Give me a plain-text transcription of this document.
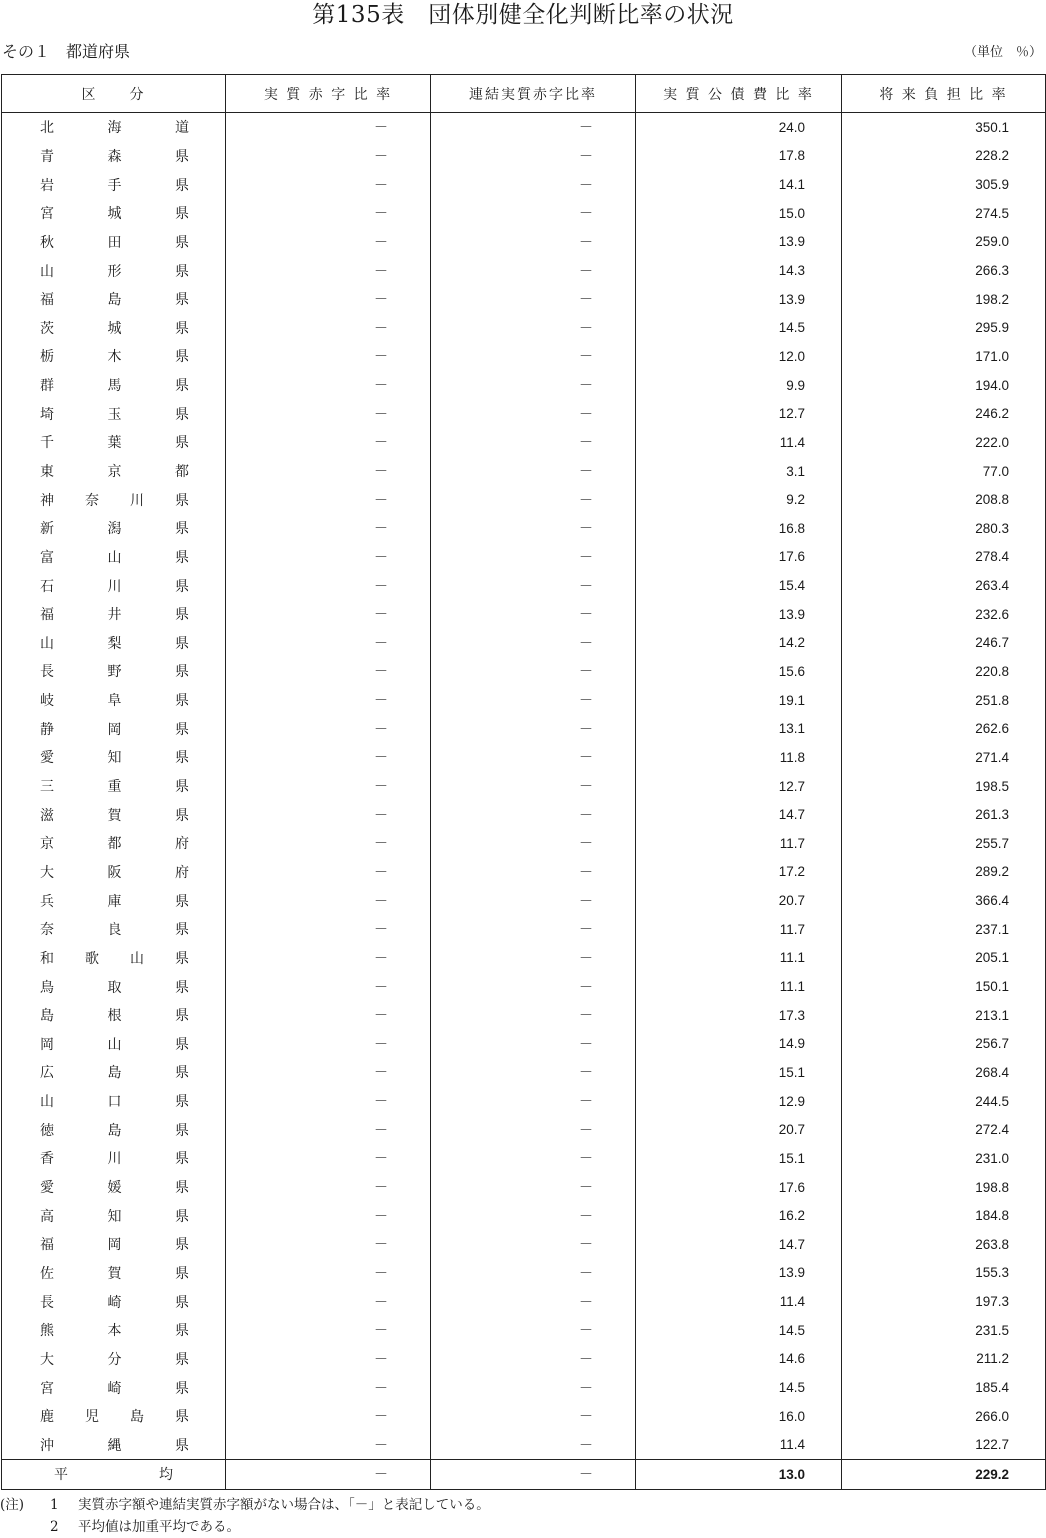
第135表　団体別健全化判断比率の状況
その１　都道府県	（単位　％）
区　　分	実 質 赤 字 比 率	連結実質赤字比率	実 質 公 債 費 比 率	将 来 負 担 比 率

北 海 道	－	－	24.0	350.1

青 森 県	－	－	17.8	228.2

岩 手 県	－	－	14.1	305.9

宮 城 県	－	－	15.0	274.5

秋 田 県	－	－	13.9	259.0

山 形 県	－	－	14.3	266.3

福 島 県	－	－	13.9	198.2

茨 城 県	－	－	14.5	295.9

栃 木 県	－	－	12.0	171.0

群 馬 県	－	－	9.9	194.0

埼 玉 県	－	－	12.7	246.2

千 葉 県	－	－	11.4	222.0

東 京 都	－	－	3.1	77.0

神 奈 川 県	－	－	9.2	208.8

新 潟 県	－	－	16.8	280.3

富 山 県	－	－	17.6	278.4

石 川 県	－	－	15.4	263.4

福 井 県	－	－	13.9	232.6

山 梨 県	－	－	14.2	246.7

長 野 県	－	－	15.6	220.8

岐 阜 県	－	－	19.1	251.8

静 岡 県	－	－	13.1	262.6

愛 知 県	－	－	11.8	271.4

三 重 県	－	－	12.7	198.5

滋 賀 県	－	－	14.7	261.3

京 都 府	－	－	11.7	255.7

大 阪 府	－	－	17.2	289.2

兵 庫 県	－	－	20.7	366.4

奈 良 県	－	－	11.7	237.1

和 歌 山 県	－	－	11.1	205.1

鳥 取 県	－	－	11.1	150.1

島 根 県	－	－	17.3	213.1

岡 山 県	－	－	14.9	256.7

広 島 県	－	－	15.1	268.4

山 口 県	－	－	12.9	244.5

徳 島 県	－	－	20.7	272.4

香 川 県	－	－	15.1	231.0

愛 媛 県	－	－	17.6	198.8

高 知 県	－	－	16.2	184.8

福 岡 県	－	－	14.7	263.8

佐 賀 県	－	－	13.9	155.3

長 崎 県	－	－	11.4	197.3

熊 本 県	－	－	14.5	231.5

大 分 県	－	－	14.6	211.2

宮 崎 県	－	－	14.5	185.4

鹿 児 島 県	－	－	16.0	266.0

沖 縄 県	－	－	11.4	122.7

平 均	－	－	13.0	229.2
(注)	1	実質赤字額や連結実質赤字額がない場合は、「－」と表記している。
2	平均値は加重平均である。
